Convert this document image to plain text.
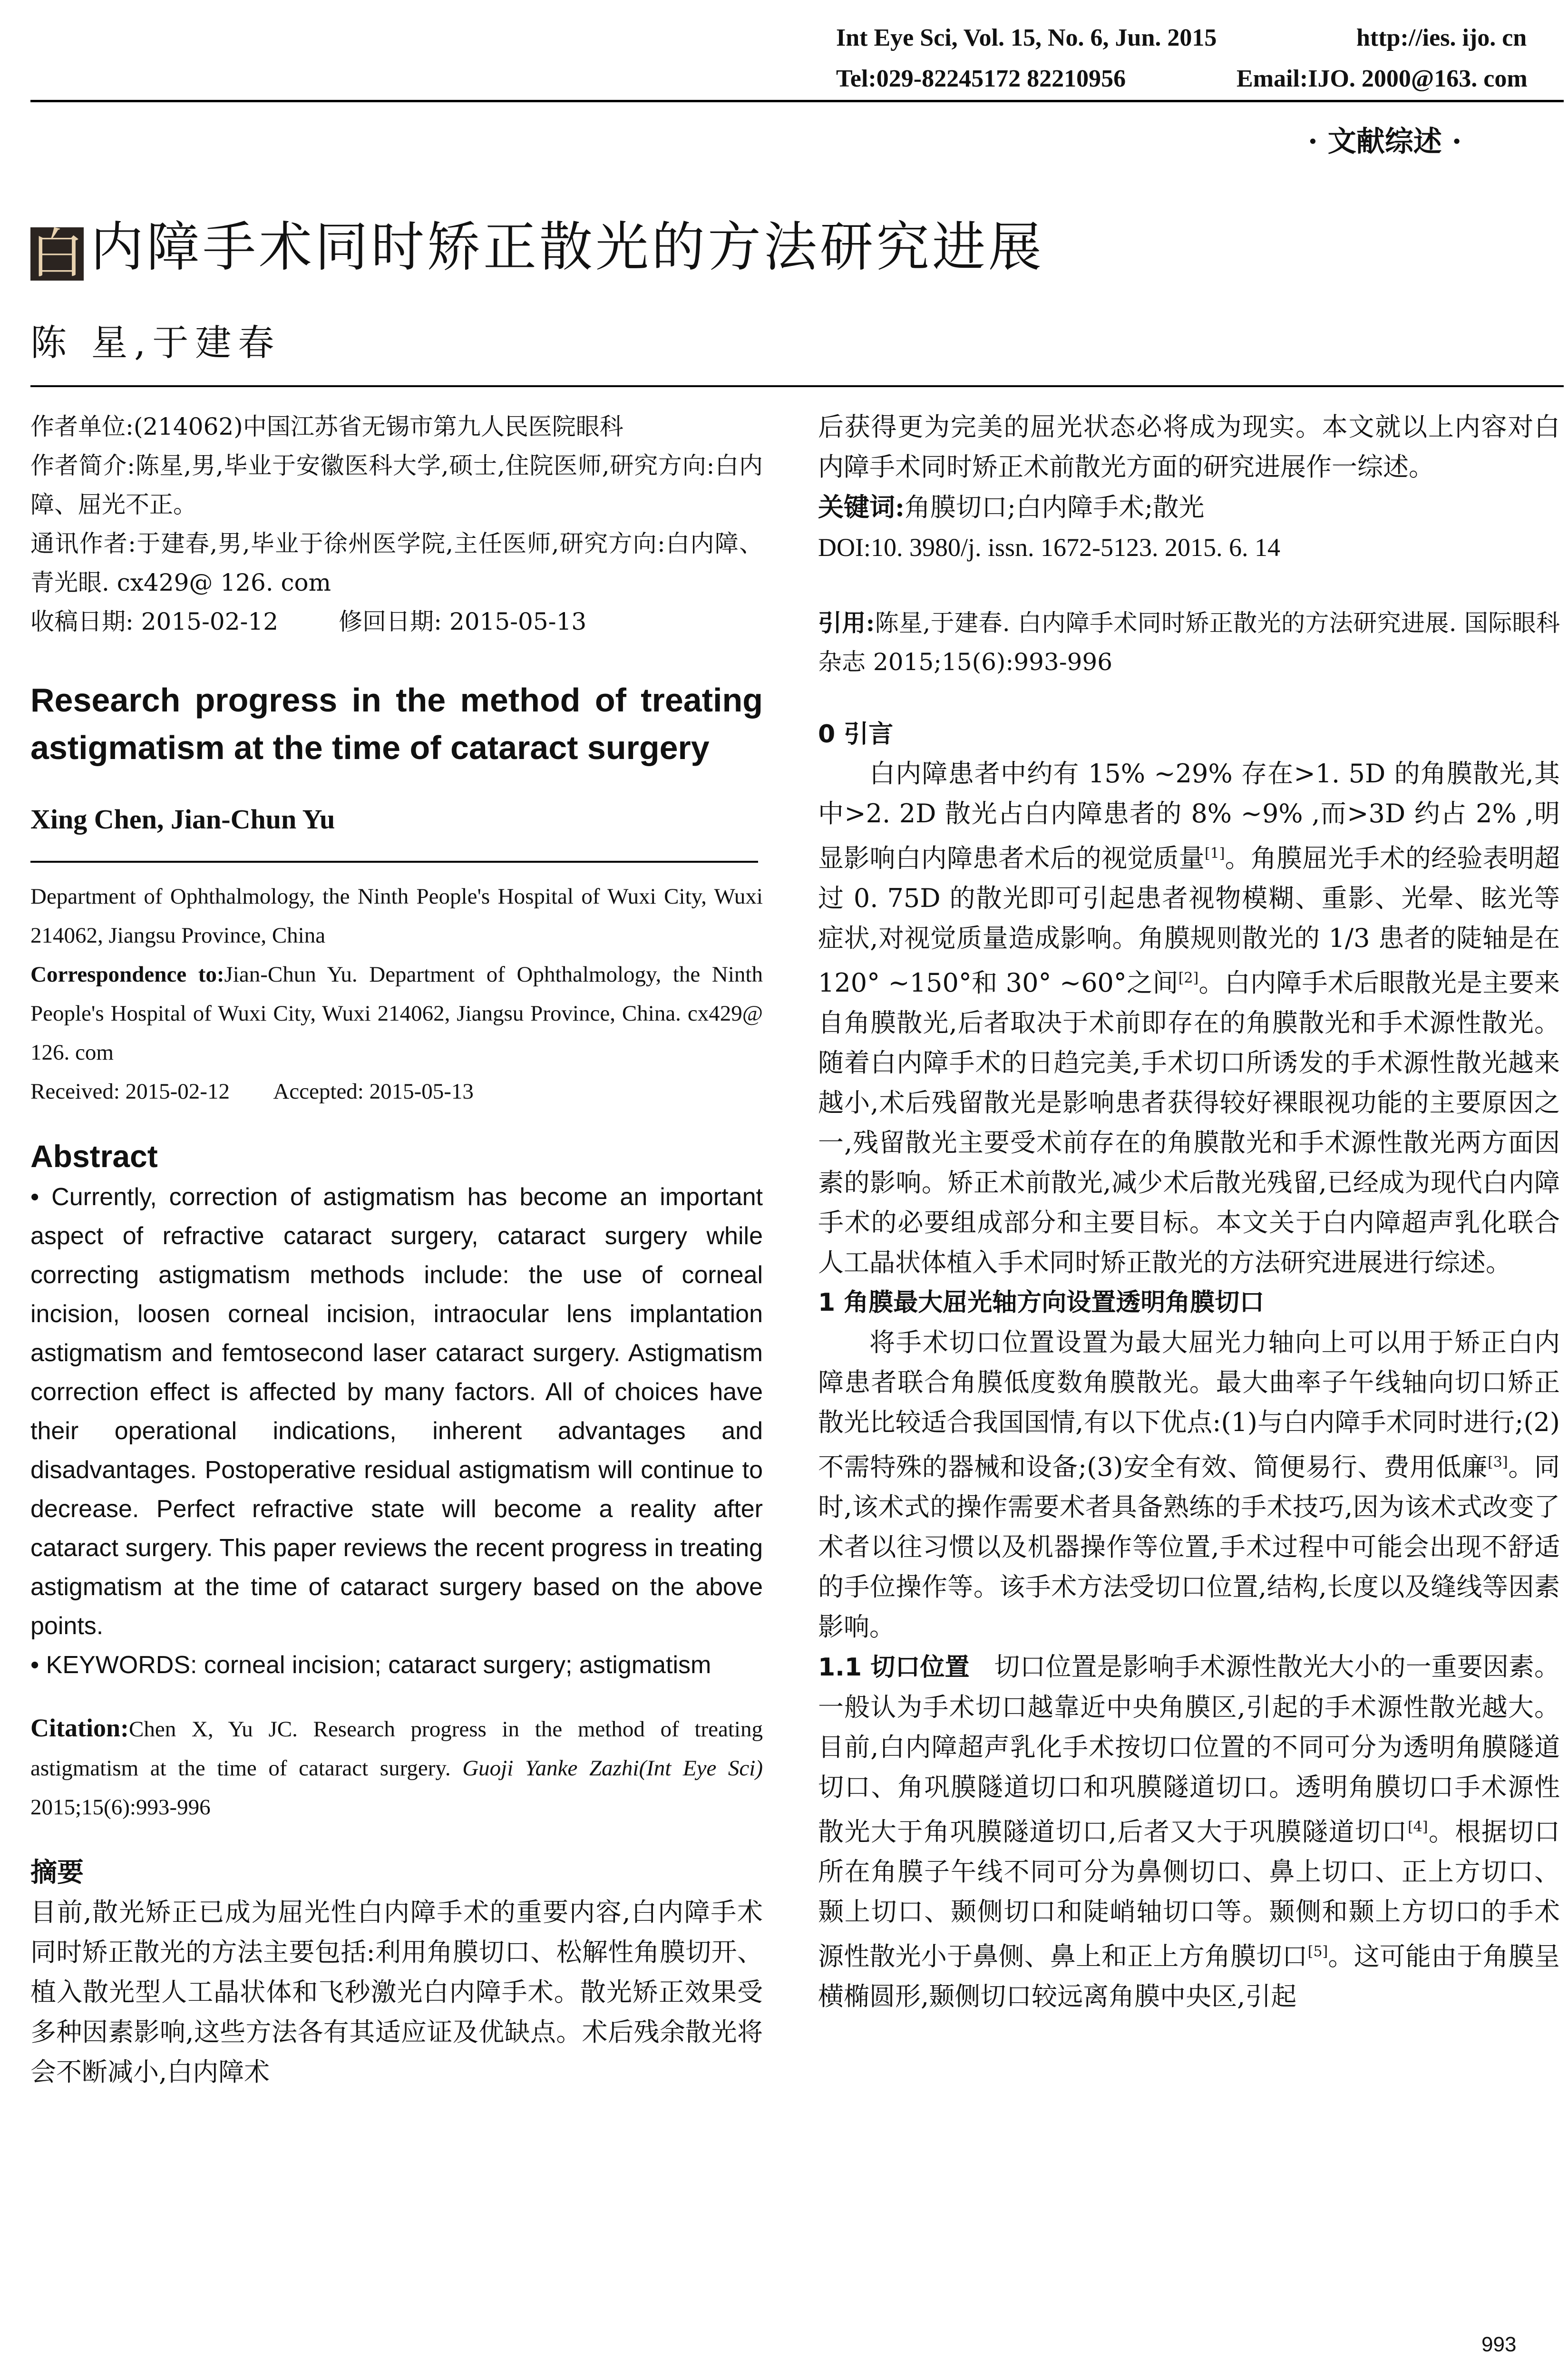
Int Eye Sci, Vol. 15, No. 6, Jun. 2015	http://ies. ijo. cn
Tel:029-82245172 82210956	Email:IJO. 2000@163. com
· 文献综述 ·
白内障手术同时矫正散光的方法研究进展
陈 星,于建春

作者单位:(214062)中国江苏省无锡市第九人民医院眼科

作者简介:陈星,男,毕业于安徽医科大学,硕士,住院医师,研究方向:白内障、屈光不正。

通讯作者:于建春,男,毕业于徐州医学院,主任医师,研究方向:白内障、青光眼. cx429@ 126. com

收稿日期: 2015-02-12        修回日期: 2015-05-13

Research progress in the method of treating astigmatism at the time of cataract surgery
Xing Chen, Jian-Chun Yu

Department of Ophthalmology, the Ninth People's Hospital of Wuxi City, Wuxi 214062, Jiangsu Province, China

Correspondence to:Jian-Chun Yu. Department of Ophthalmology, the Ninth People's Hospital of Wuxi City, Wuxi 214062, Jiangsu Province, China. cx429@ 126. com

Received: 2015-02-12        Accepted: 2015-05-13

Abstract

• Currently, correction of astigmatism has become an important aspect of refractive cataract surgery, cataract surgery while correcting astigmatism methods include: the use of corneal incision, loosen corneal incision, intraocular lens implantation astigmatism and femtosecond laser cataract surgery. Astigmatism correction effect is affected by many factors. All of choices have their operational indications, inherent advantages and disadvantages. Postoperative residual astigmatism will continue to decrease. Perfect refractive state will become a reality after cataract surgery. This paper reviews the recent progress in treating astigmatism at the time of cataract surgery based on the above points.

• KEYWORDS: corneal incision; cataract surgery; astigmatism

Citation:Chen X, Yu JC. Research progress in the method of treating astigmatism at the time of cataract surgery. Guoji Yanke Zazhi(Int Eye Sci) 2015;15(6):993-996

摘要

目前,散光矫正已成为屈光性白内障手术的重要内容,白内障手术同时矫正散光的方法主要包括:利用角膜切口、松解性角膜切开、植入散光型人工晶状体和飞秒激光白内障手术。散光矫正效果受多种因素影响,这些方法各有其适应证及优缺点。术后残余散光将会不断减小,白内障术

后获得更为完美的屈光状态必将成为现实。本文就以上内容对白内障手术同时矫正术前散光方面的研究进展作一综述。

关键词:角膜切口;白内障手术;散光

DOI:10. 3980/j. issn. 1672-5123. 2015. 6. 14

引用:陈星,于建春. 白内障手术同时矫正散光的方法研究进展. 国际眼科杂志 2015;15(6):993-996

0 引言

白内障患者中约有 15% ~29% 存在>1. 5D 的角膜散光,其中>2. 2D 散光占白内障患者的 8% ~9% ,而>3D 约占 2% ,明显影响白内障患者术后的视觉质量[1]。角膜屈光手术的经验表明超过 0. 75D 的散光即可引起患者视物模糊、重影、光晕、眩光等症状,对视觉质量造成影响。角膜规则散光的 1/3 患者的陡轴是在 120° ~150°和 30° ~60°之间[2]。白内障手术后眼散光是主要来自角膜散光,后者取决于术前即存在的角膜散光和手术源性散光。随着白内障手术的日趋完美,手术切口所诱发的手术源性散光越来越小,术后残留散光是影响患者获得较好裸眼视功能的主要原因之一,残留散光主要受术前存在的角膜散光和手术源性散光两方面因素的影响。矫正术前散光,减少术后散光残留,已经成为现代白内障手术的必要组成部分和主要目标。本文关于白内障超声乳化联合人工晶状体植入手术同时矫正散光的方法研究进展进行综述。

1 角膜最大屈光轴方向设置透明角膜切口

将手术切口位置设置为最大屈光力轴向上可以用于矫正白内障患者联合角膜低度数角膜散光。最大曲率子午线轴向切口矫正散光比较适合我国国情,有以下优点:(1)与白内障手术同时进行;(2)不需特殊的器械和设备;(3)安全有效、简便易行、费用低廉[3]。同时,该术式的操作需要术者具备熟练的手术技巧,因为该术式改变了术者以往习惯以及机器操作等位置,手术过程中可能会出现不舒适的手位操作等。该手术方法受切口位置,结构,长度以及缝线等因素影响。

1.1 切口位置 切口位置是影响手术源性散光大小的一重要因素。一般认为手术切口越靠近中央角膜区,引起的手术源性散光越大。目前,白内障超声乳化手术按切口位置的不同可分为透明角膜隧道切口、角巩膜隧道切口和巩膜隧道切口。透明角膜切口手术源性散光大于角巩膜隧道切口,后者又大于巩膜隧道切口[4]。根据切口所在角膜子午线不同可分为鼻侧切口、鼻上切口、正上方切口、颞上切口、颞侧切口和陡峭轴切口等。颞侧和颞上方切口的手术源性散光小于鼻侧、鼻上和正上方角膜切口[5]。这可能由于角膜呈横椭圆形,颞侧切口较远离角膜中央区,引起

993
